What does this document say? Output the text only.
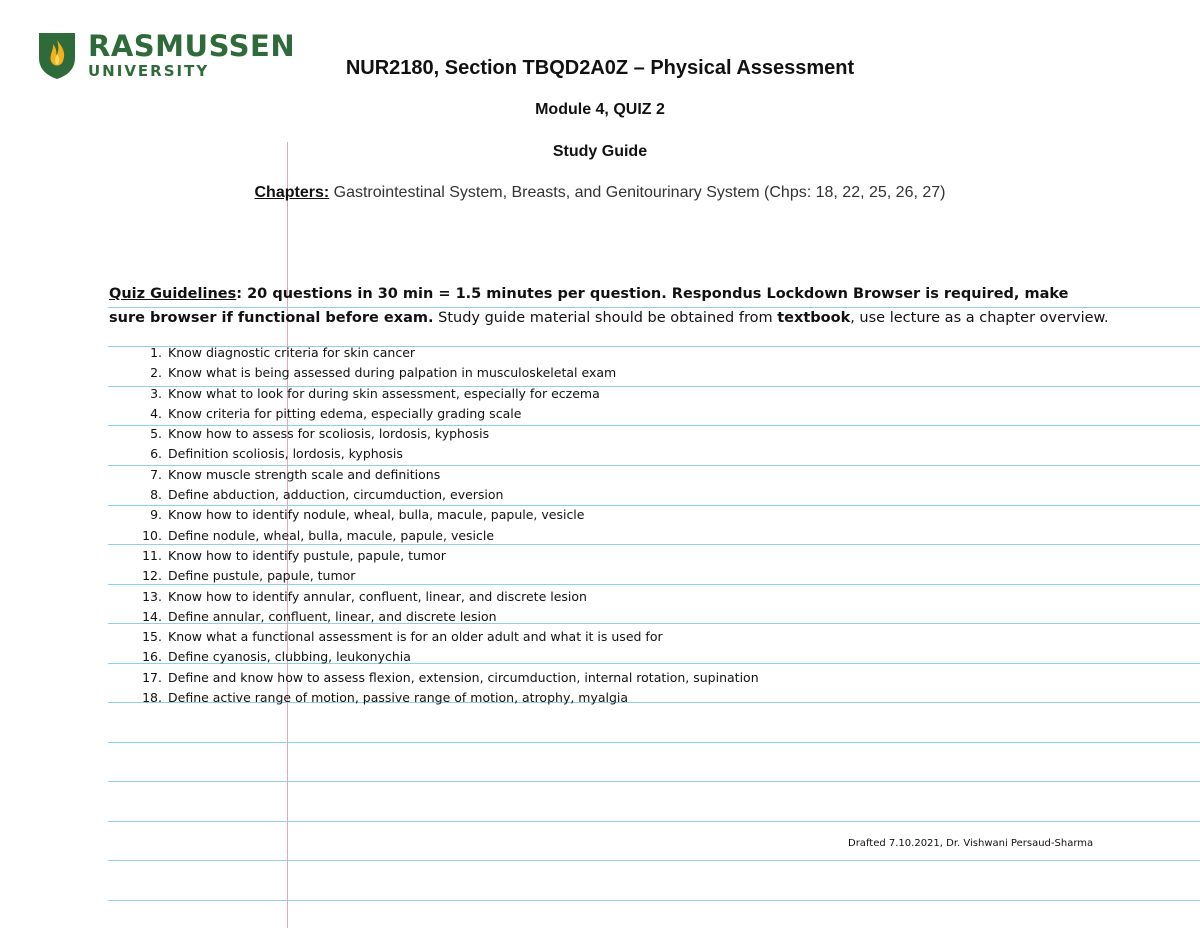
RASMUSSEN
UNIVERSITY	NUR2180, Section TBQD2A0Z – Physical Assessment
Module 4, QUIZ 2
Study Guide
Chapters: Gastrointestinal System, Breasts, and Genitourinary System (Chps: 18, 22, 25, 26, 27)
Quiz Guidelines: 20 questions in 30 min = 1.5 minutes per question. Respondus Lockdown Browser is required, make sure browser if functional before exam. Study guide material should be obtained from textbook, use lecture as a chapter overview.
1. Know diagnostic criteria for skin cancer
2. Know what is being assessed during palpation in musculoskeletal exam
3. Know what to look for during skin assessment, especially for eczema
4. Know criteria for pitting edema, especially grading scale
5. Know how to assess for scoliosis, lordosis, kyphosis
6. Definition scoliosis, lordosis, kyphosis
7. Know muscle strength scale and definitions
8. Define abduction, adduction, circumduction, eversion
9. Know how to identify nodule, wheal, bulla, macule, papule, vesicle
10. Define nodule, wheal, bulla, macule, papule, vesicle
11. Know how to identify pustule, papule, tumor
12. Define pustule, papule, tumor
13. Know how to identify annular, confluent, linear, and discrete lesion
14. Define annular, confluent, linear, and discrete lesion
15. Know what a functional assessment is for an older adult and what it is used for
16. Define cyanosis, clubbing, leukonychia
17. Define and know how to assess flexion, extension, circumduction, internal rotation, supination
18. Define active range of motion, passive range of motion, atrophy, myalgia
Drafted 7.10.2021, Dr. Vishwani Persaud-Sharma
